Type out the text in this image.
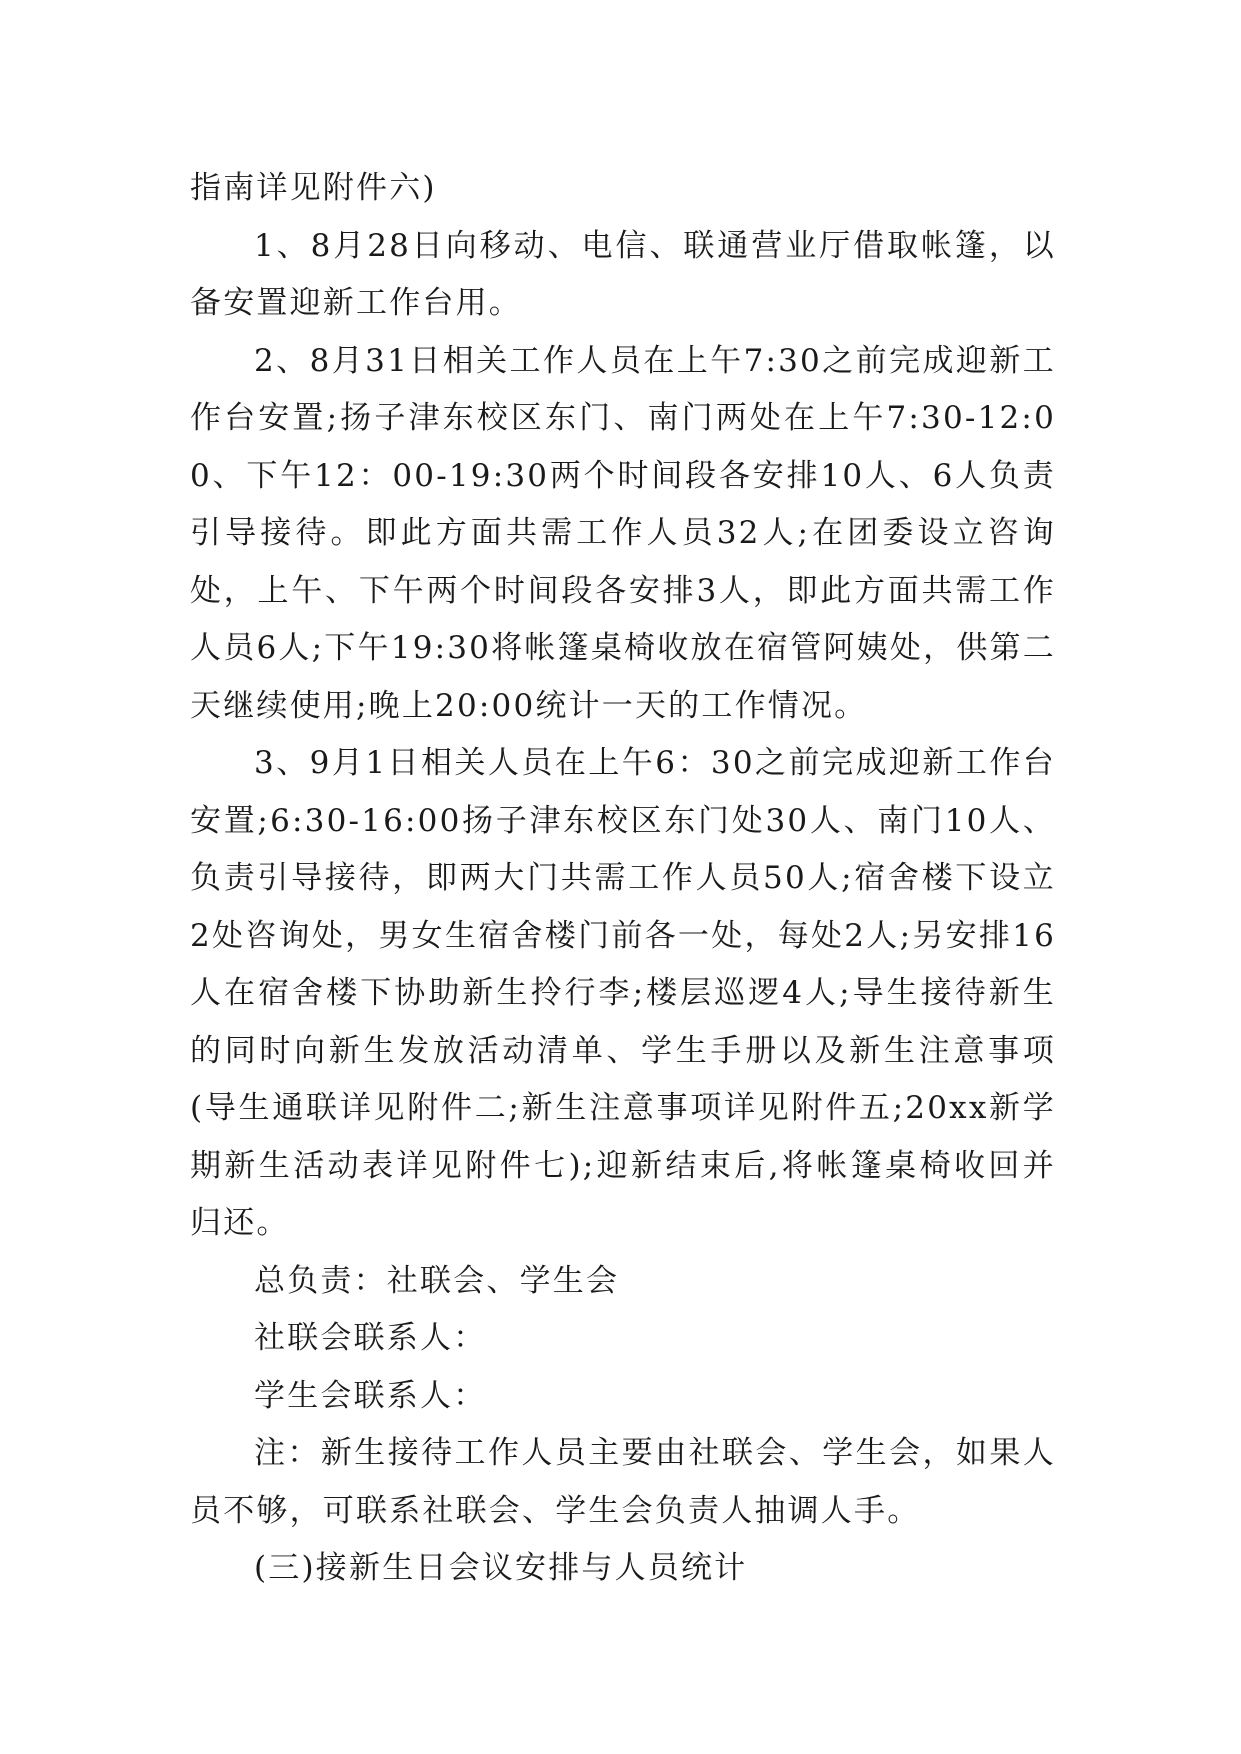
指南详见附件六)

1、8月28日向移动、电信、联通营业厅借取帐篷，以备安置迎新工作台用。

2、8月31日相关工作人员在上午7:30之前完成迎新工作台安置;扬子津东校区东门、南门两处在上午7:30-12:00、下午12：00-19:30两个时间段各安排10人、6人负责引导接待。即此方面共需工作人员32人;在团委设立咨询处，上午、下午两个时间段各安排3人，即此方面共需工作人员6人;下午19:30将帐篷桌椅收放在宿管阿姨处，供第二天继续使用;晚上20:00统计一天的工作情况。

3、9月1日相关人员在上午6：30之前完成迎新工作台安置;6:30-16:00扬子津东校区东门处30人、南门10人、负责引导接待，即两大门共需工作人员50人;宿舍楼下设立2处咨询处，男女生宿舍楼门前各一处，每处2人;另安排16人在宿舍楼下协助新生拎行李;楼层巡逻4人;导生接待新生的同时向新生发放活动清单、学生手册以及新生注意事项(导生通联详见附件二;新生注意事项详见附件五;20xx新学期新生活动表详见附件七);迎新结束后,将帐篷桌椅收回并归还。

总负责：社联会、学生会

社联会联系人：

学生会联系人：

注：新生接待工作人员主要由社联会、学生会，如果人员不够，可联系社联会、学生会负责人抽调人手。

(三)接新生日会议安排与人员统计
